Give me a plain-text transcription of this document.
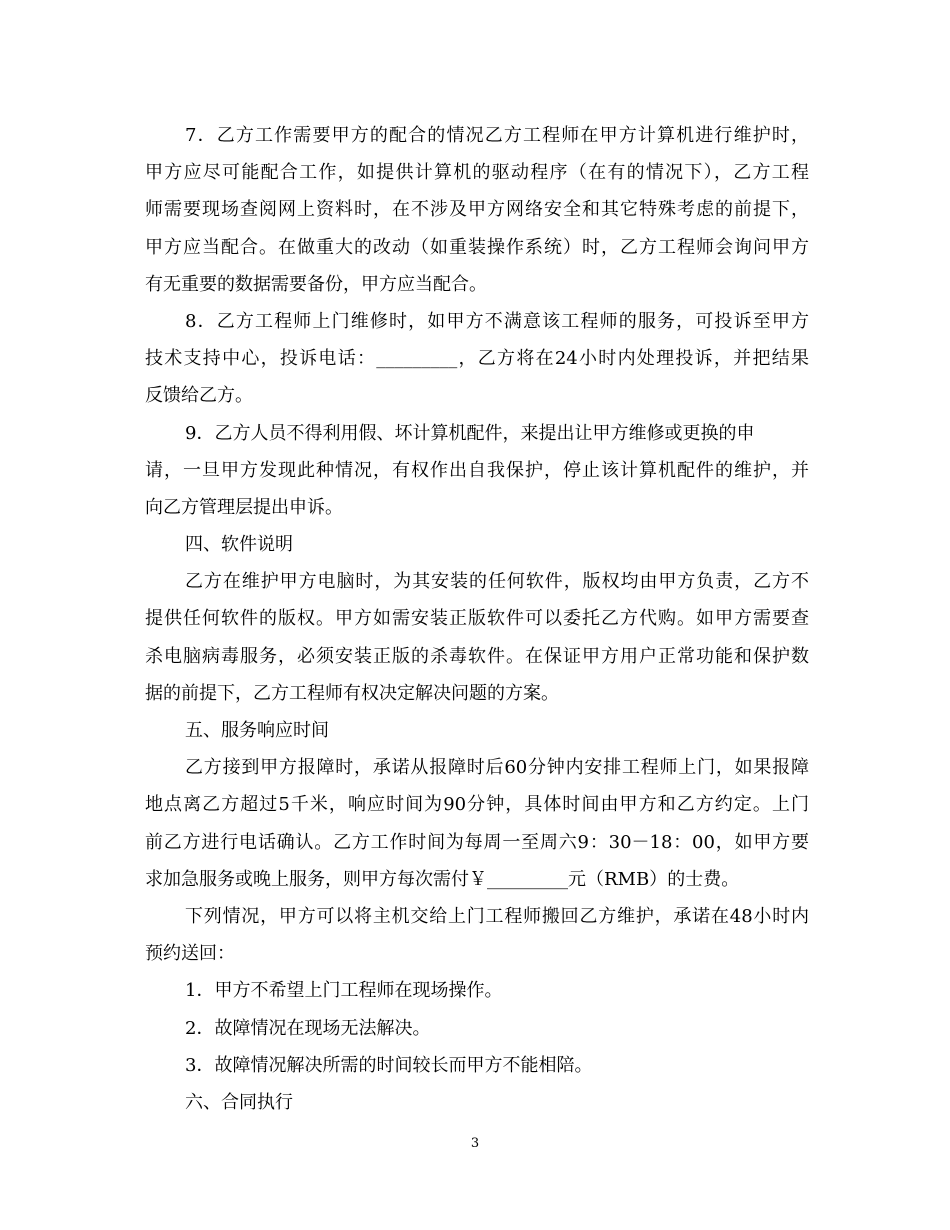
7．乙方工作需要甲方的配合的情况乙方工程师在甲方计算机进行维护时，
甲方应尽可能配合工作，如提供计算机的驱动程序（在有的情况下），乙方工程
师需要现场查阅网上资料时，在不涉及甲方网络安全和其它特殊考虑的前提下，
甲方应当配合。在做重大的改动（如重装操作系统）时，乙方工程师会询问甲方
有无重要的数据需要备份，甲方应当配合。
8．乙方工程师上门维修时，如甲方不满意该工程师的服务，可投诉至甲方
技术支持中心，投诉电话：_________，乙方将在24小时内处理投诉，并把结果
反馈给乙方。
9．乙方人员不得利用假、坏计算机配件，来提出让甲方维修或更换的申
请，一旦甲方发现此种情况，有权作出自我保护，停止该计算机配件的维护，并
向乙方管理层提出申诉。
四、软件说明
乙方在维护甲方电脑时，为其安装的任何软件，版权均由甲方负责，乙方不
提供任何软件的版权。甲方如需安装正版软件可以委托乙方代购。如甲方需要查
杀电脑病毒服务，必须安装正版的杀毒软件。在保证甲方用户正常功能和保护数
据的前提下，乙方工程师有权决定解决问题的方案。
五、服务响应时间
乙方接到甲方报障时，承诺从报障时后60分钟内安排工程师上门，如果报障
地点离乙方超过5千米，响应时间为90分钟，具体时间由甲方和乙方约定。上门
前乙方进行电话确认。乙方工作时间为每周一至周六9：30－18：00，如甲方要
求加急服务或晚上服务，则甲方每次需付￥_________元（RMB）的士费。
下列情况，甲方可以将主机交给上门工程师搬回乙方维护，承诺在48小时内
预约送回：
1．甲方不希望上门工程师在现场操作。
2．故障情况在现场无法解决。
3．故障情况解决所需的时间较长而甲方不能相陪。
六、合同执行
3
